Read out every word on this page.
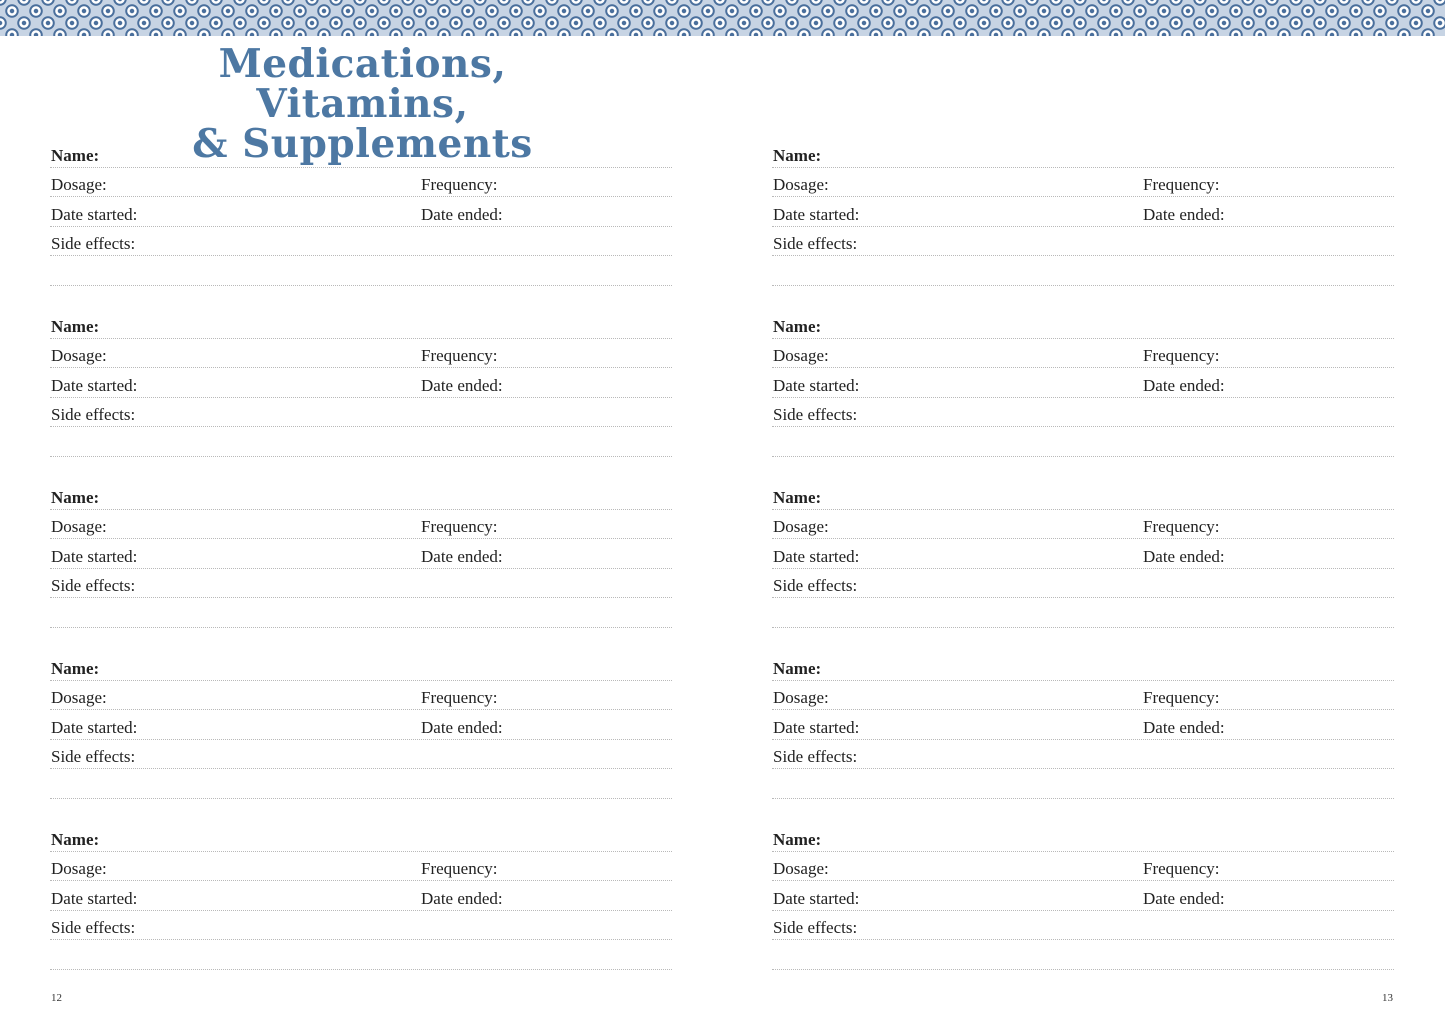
Medications, Vitamins,
& Supplements
Name:
Dosage:	Frequency:
Date started:	Date ended:
Side effects:
Name:
Dosage:	Frequency:
Date started:	Date ended:
Side effects:
Name:
Dosage:	Frequency:
Date started:	Date ended:
Side effects:
Name:
Dosage:	Frequency:
Date started:	Date ended:
Side effects:
Name:
Dosage:	Frequency:
Date started:	Date ended:
Side effects:
Name:
Dosage:	Frequency:
Date started:	Date ended:
Side effects:
Name:
Dosage:	Frequency:
Date started:	Date ended:
Side effects:
Name:
Dosage:	Frequency:
Date started:	Date ended:
Side effects:
Name:
Dosage:	Frequency:
Date started:	Date ended:
Side effects:
Name:
Dosage:	Frequency:
Date started:	Date ended:
Side effects:
12	13
